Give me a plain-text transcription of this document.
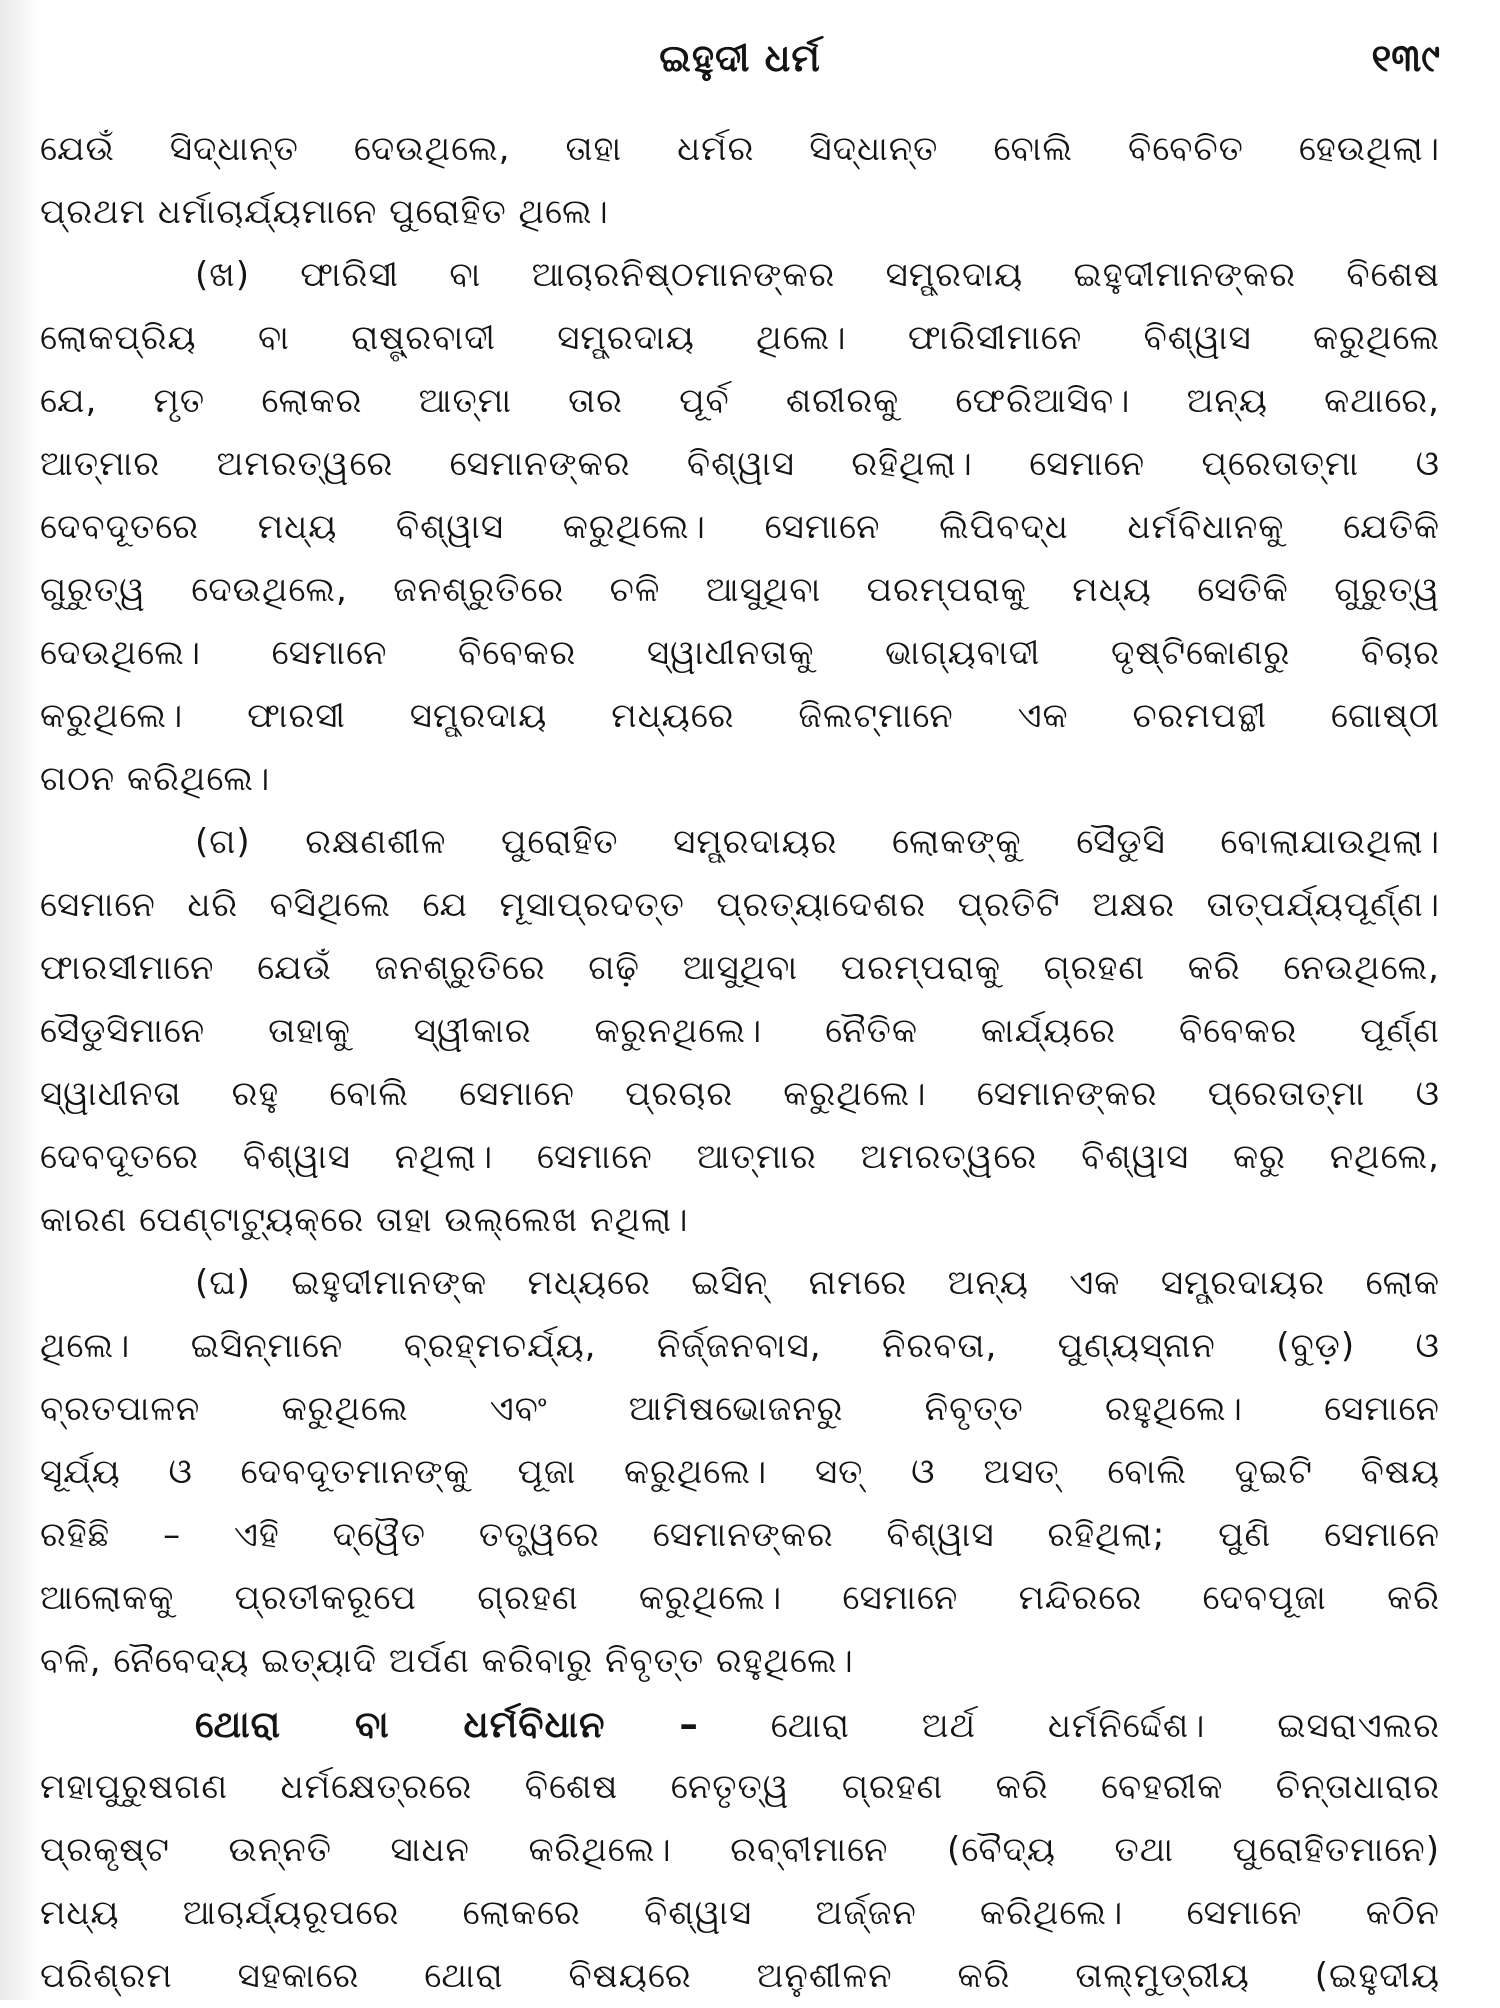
ଇହୁଦୀ ଧର୍ମ	୧୩୯
ଯେଉଁ ସିଦ୍ଧାନ୍ତ ଦେଉଥିଲେ, ତାହା ଧର୍ମର ସିଦ୍ଧାନ୍ତ ବୋଲି ବିବେଚିତ ହେଉଥିଲା।
ପ୍ରଥମ ଧର୍ମାଚାର୍ଯ୍ୟମାନେ ପୁରୋହିତ ଥିଲେ।
(ଖ) ଫାରିସୀ ବା ଆଚାରନିଷ୍ଠମାନଙ୍କର ସମ୍ପ୍ରଦାୟ ଇହୁଦୀମାନଙ୍କର ବିଶେଷ
ଲୋକପ୍ରିୟ ବା ରାଷ୍ଟ୍ରବାଦୀ ସମ୍ପ୍ରଦାୟ ଥିଲେ। ଫାରିସୀମାନେ ବିଶ୍ୱାସ କରୁଥିଲେ
ଯେ, ମୃତ ଲୋକର ଆତ୍ମା ତାର ପୂର୍ବ ଶରୀରକୁ ଫେରିଆସିବ। ଅନ୍ୟ କଥାରେ,
ଆତ୍ମାର ଅମରତ୍ୱରେ ସେମାନଙ୍କର ବିଶ୍ୱାସ ରହିଥିଲା। ସେମାନେ ପ୍ରେତାତ୍ମା ଓ
ଦେବଦୂତରେ ମଧ୍ୟ ବିଶ୍ୱାସ କରୁଥିଲେ। ସେମାନେ ଲିପିବଦ୍ଧ ଧର୍ମବିଧାନକୁ ଯେତିକି
ଗୁରୁତ୍ୱ ଦେଉଥିଲେ, ଜନଶ୍ରୁତିରେ ଚଳି ଆସୁଥିବା ପରମ୍ପରାକୁ ମଧ୍ୟ ସେତିକି ଗୁରୁତ୍ୱ
ଦେଉଥିଲେ। ସେମାନେ ବିବେକର ସ୍ୱାଧୀନତାକୁ ଭାଗ୍ୟବାଦୀ ଦୃଷ୍ଟିକୋଣରୁ ବିଚାର
କରୁଥିଲେ। ଫାରସୀ ସମ୍ପ୍ରଦାୟ ମଧ୍ୟରେ ଜିଲଟ୍‌ମାନେ ଏକ ଚରମପନ୍ଥୀ ଗୋଷ୍ଠୀ
ଗଠନ କରିଥିଲେ।
(ଗ) ରକ୍ଷଣଶୀଳ ପୁରୋହିତ ସମ୍ପ୍ରଦାୟର ଲୋକଙ୍କୁ ସୈଡୁସି ବୋଲାଯାଉଥିଲା।
ସେମାନେ ଧରି ବସିଥିଲେ ଯେ ମୂସାପ୍ରଦତ୍ତ ପ୍ରତ୍ୟାଦେଶର ପ୍ରତିଟି ଅକ୍ଷର ତାତ୍ପର୍ଯ୍ୟପୂର୍ଣ୍ଣ।
ଫାରସୀମାନେ ଯେଉଁ ଜନଶ୍ରୁତିରେ ଗଢ଼ି ଆସୁଥିବା ପରମ୍ପରାକୁ ଗ୍ରହଣ କରି ନେଉଥିଲେ,
ସୈଡୁସିମାନେ ତାହାକୁ ସ୍ୱୀକାର କରୁନଥିଲେ। ନୈତିକ କାର୍ଯ୍ୟରେ ବିବେକର ପୂର୍ଣ୍ଣ
ସ୍ୱାଧୀନତା ରହୁ ବୋଲି ସେମାନେ ପ୍ରଚାର କରୁଥିଲେ। ସେମାନଙ୍କର ପ୍ରେତାତ୍ମା ଓ
ଦେବଦୂତରେ ବିଶ୍ୱାସ ନଥିଲା। ସେମାନେ ଆତ୍ମାର ଅମରତ୍ୱରେ ବିଶ୍ୱାସ କରୁ ନଥିଲେ,
କାରଣ ପେଣ୍ଟାଟ୍ୟୁକ୍‌ରେ ତାହା ଉଲ୍ଲେଖ ନଥିଲା।
(ଘ) ଇହୁଦୀମାନଙ୍କ ମଧ୍ୟରେ ଇସିନ୍ ନାମରେ ଅନ୍ୟ ଏକ ସମ୍ପ୍ରଦାୟର ଲୋକ
ଥିଲେ। ଇସିନ୍‌ମାନେ ବ୍ରହ୍ମଚର୍ଯ୍ୟ, ନିର୍ଜ୍ଜନବାସ, ନିରବତା, ପୁଣ୍ୟସ୍ନାନ (ବୁଡ଼) ଓ
ବ୍ରତପାଳନ କରୁଥିଲେ ଏବଂ ଆମିଷଭୋଜନରୁ ନିବୃତ୍ତ ରହୁଥିଲେ। ସେମାନେ
ସୂର୍ଯ୍ୟ ଓ ଦେବଦୂତମାନଙ୍କୁ ପୂଜା କରୁଥିଲେ। ସତ୍ ଓ ଅସତ୍ ବୋଲି ଦୁଇଟି ବିଷୟ
ରହିଛି – ଏହି ଦ୍ୱୈତ ତତ୍ତ୍ୱରେ ସେମାନଙ୍କର ବିଶ୍ୱାସ ରହିଥିଲା; ପୁଣି ସେମାନେ
ଆଲୋକକୁ ପ୍ରତୀକରୂପେ ଗ୍ରହଣ କରୁଥିଲେ। ସେମାନେ ମନ୍ଦିରରେ ଦେବପୂଜା କରି
ବଳି, ନୈବେଦ୍ୟ ଇତ୍ୟାଦି ଅର୍ପଣ କରିବାରୁ ନିବୃତ୍ତ ରହୁଥିଲେ।
ଥୋରା ବା ଧର୍ମବିଧାନ – ଥୋରା ଅର୍ଥ ଧର୍ମନିର୍ଦ୍ଦେଶ। ଇସରାଏଲର
ମହାପୁରୁଷଗଣ ଧର୍ମକ୍ଷେତ୍ରରେ ବିଶେଷ ନେତୃତ୍ୱ ଗ୍ରହଣ କରି ବେହରୀକ ଚିନ୍ତାଧାରାର
ପ୍ରକୃଷ୍ଟ ଉନ୍ନତି ସାଧନ କରିଥିଲେ। ରବ୍ବୀମାନେ (ବୈଦ୍ୟ ତଥା ପୁରୋହିତମାନେ)
ମଧ୍ୟ ଆଚାର୍ଯ୍ୟରୂପରେ ଲୋକରେ ବିଶ୍ୱାସ ଅର୍ଜ୍ଜନ କରିଥିଲେ। ସେମାନେ କଠିନ
ପରିଶ୍ରମ ସହକାରେ ଥୋରା ବିଷୟରେ ଅନୁଶୀଳନ କରି ତାଲ୍‌ମୁଡ୍ରୀୟ (ଇହୁଦୀୟ
